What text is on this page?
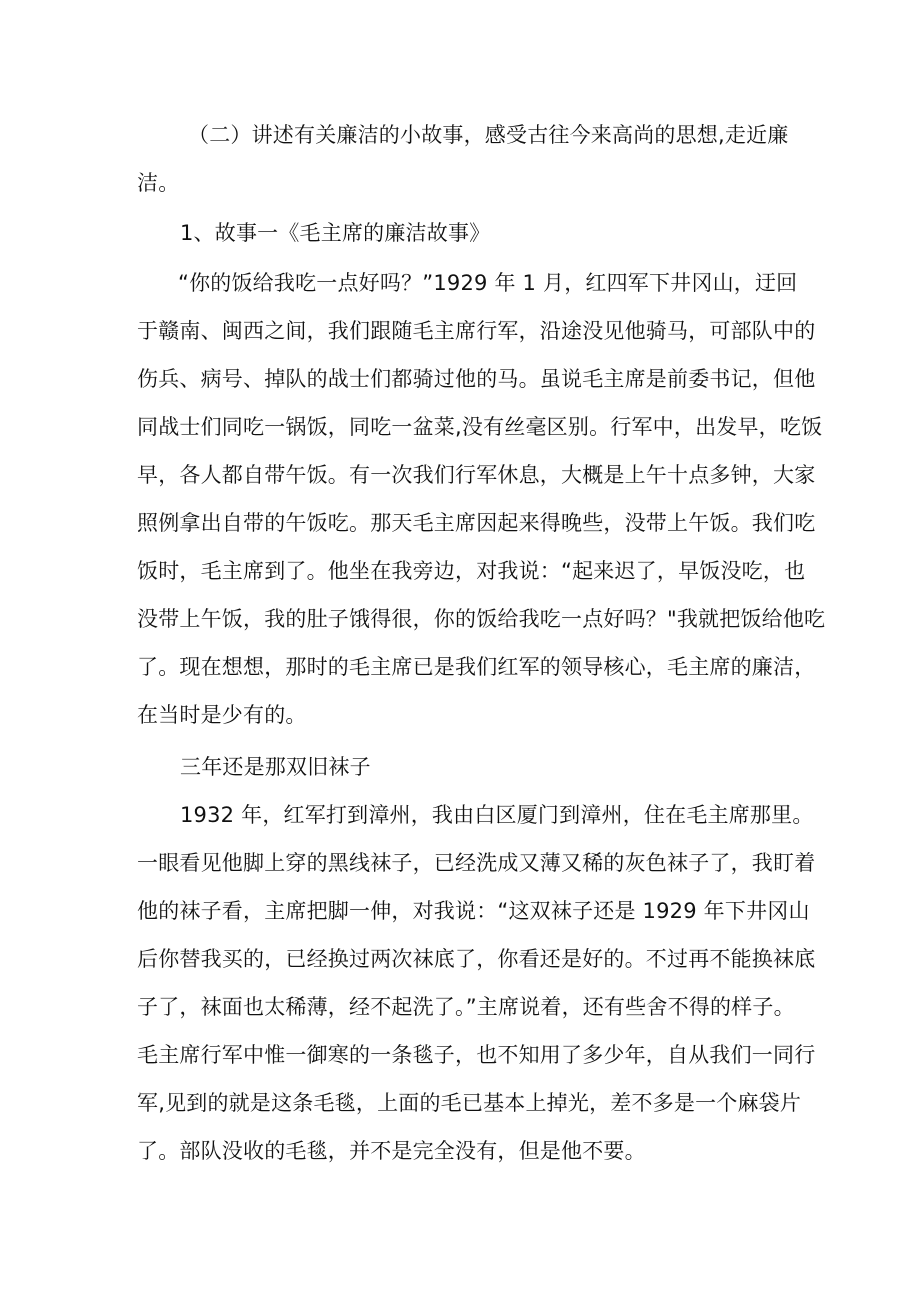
（二）讲述有关廉洁的小故事，感受古往今来高尚的思想,走近廉
洁。
1、故事一《毛主席的廉洁故事》
“你的饭给我吃一点好吗？”1929 年 1 月，红四军下井冈山，迂回
于赣南、闽西之间，我们跟随毛主席行军，沿途没见他骑马，可部队中的
伤兵、病号、掉队的战士们都骑过他的马。虽说毛主席是前委书记，但他
同战士们同吃一锅饭，同吃一盆菜,没有丝毫区别。行军中，出发早，吃饭
早，各人都自带午饭。有一次我们行军休息，大概是上午十点多钟，大家
照例拿出自带的午饭吃。那天毛主席因起来得晚些，没带上午饭。我们吃
饭时，毛主席到了。他坐在我旁边，对我说：“起来迟了，早饭没吃，也
没带上午饭，我的肚子饿得很，你的饭给我吃一点好吗？"我就把饭给他吃
了。现在想想，那时的毛主席已是我们红军的领导核心，毛主席的廉洁，
在当时是少有的。
三年还是那双旧袜子
1932 年，红军打到漳州，我由白区厦门到漳州，住在毛主席那里。
一眼看见他脚上穿的黑线袜子，已经洗成又薄又稀的灰色袜子了，我盯着
他的袜子看，主席把脚一伸，对我说：“这双袜子还是 1929 年下井冈山
后你替我买的，已经换过两次袜底了，你看还是好的。不过再不能换袜底
子了，袜面也太稀薄，经不起洗了。”主席说着，还有些舍不得的样子。
毛主席行军中惟一御寒的一条毯子，也不知用了多少年，自从我们一同行
军,见到的就是这条毛毯，上面的毛已基本上掉光，差不多是一个麻袋片
了。部队没收的毛毯，并不是完全没有，但是他不要。
